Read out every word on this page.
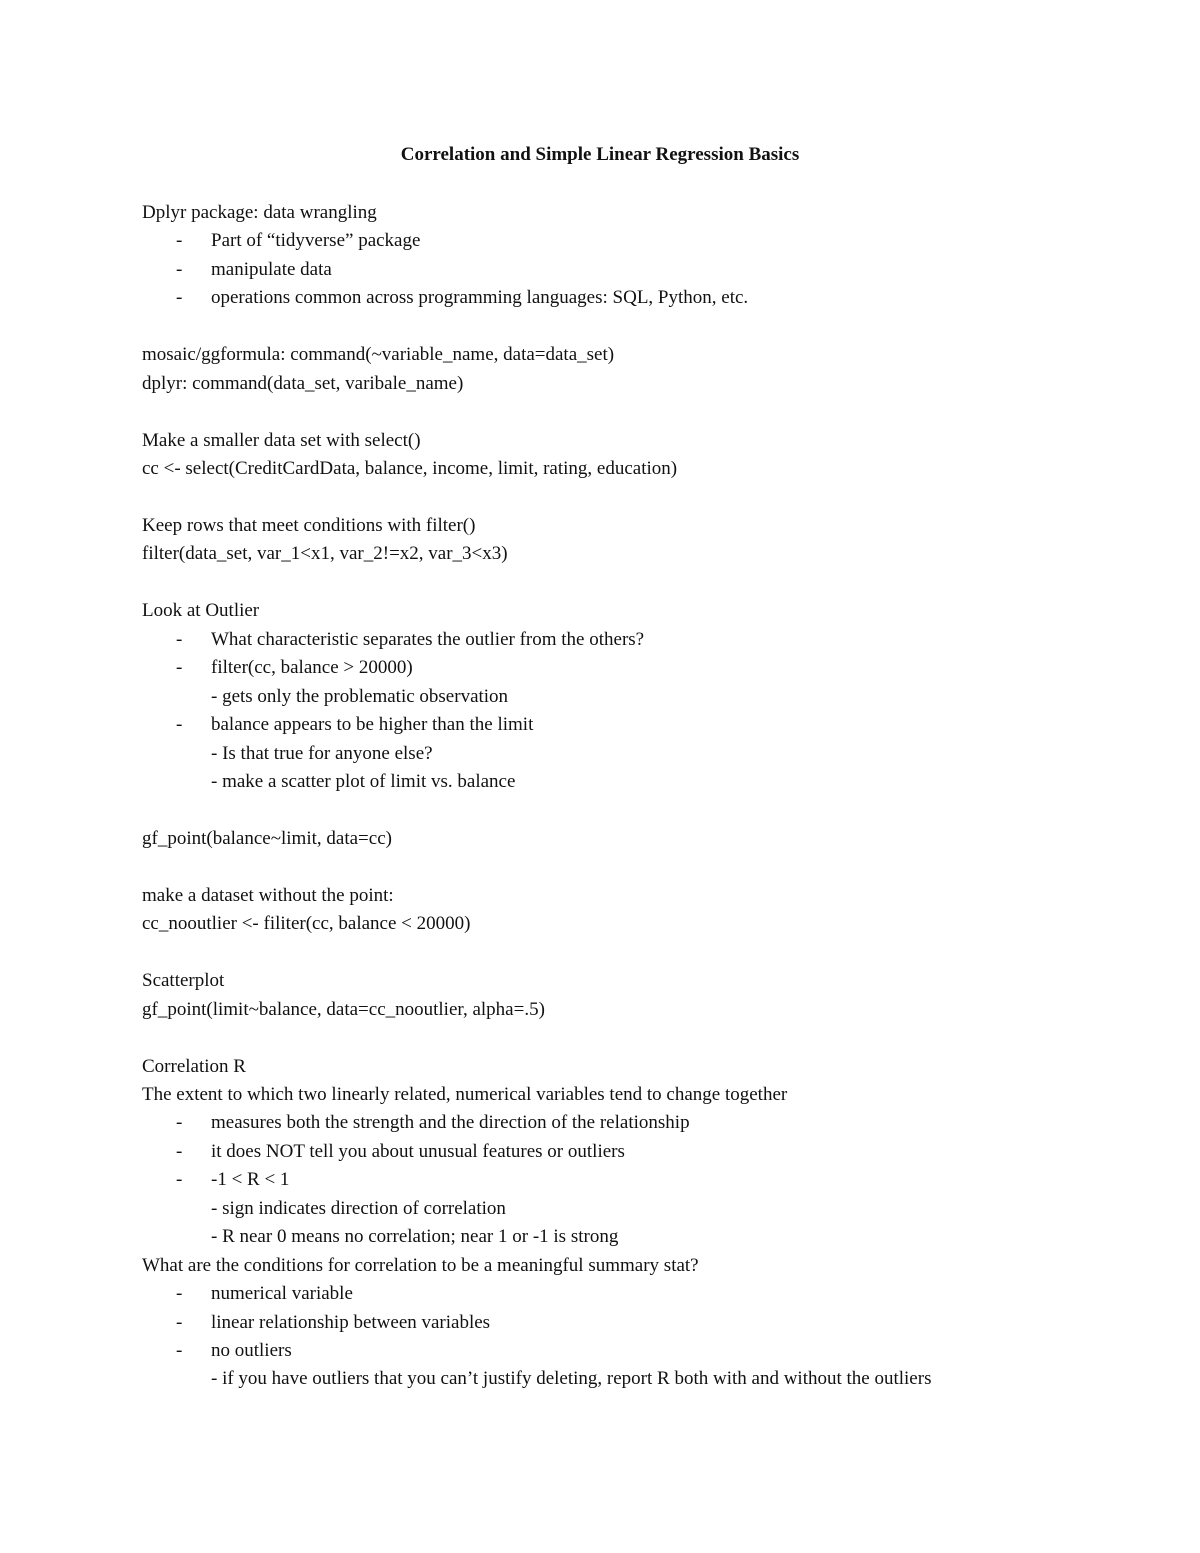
Correlation and Simple Linear Regression Basics
Dplyr package: data wrangling
- Part of “tidyverse” package
- manipulate data
- operations common across programming languages: SQL, Python, etc.
mosaic/ggformula: command(~variable_name, data=data_set)
dplyr: command(data_set, varibale_name)
Make a smaller data set with select()
cc <- select(CreditCardData, balance, income, limit, rating, education)
Keep rows that meet conditions with filter()
filter(data_set, var_1<x1, var_2!=x2, var_3<x3)
Look at Outlier
- What characteristic separates the outlier from the others?
- filter(cc, balance > 20000)
- gets only the problematic observation
- balance appears to be higher than the limit
- Is that true for anyone else?
- make a scatter plot of limit vs. balance
gf_point(balance~limit, data=cc)
make a dataset without the point:
cc_nooutlier <- filiter(cc, balance < 20000)
Scatterplot
gf_point(limit~balance, data=cc_nooutlier, alpha=.5)
Correlation R
The extent to which two linearly related, numerical variables tend to change together
- measures both the strength and the direction of the relationship
- it does NOT tell you about unusual features or outliers
- -1 < R < 1
- sign indicates direction of correlation
- R near 0 means no correlation; near 1 or -1 is strong
What are the conditions for correlation to be a meaningful summary stat?
- numerical variable
- linear relationship between variables
- no outliers
- if you have outliers that you can’t justify deleting, report R both with and without the outliers
